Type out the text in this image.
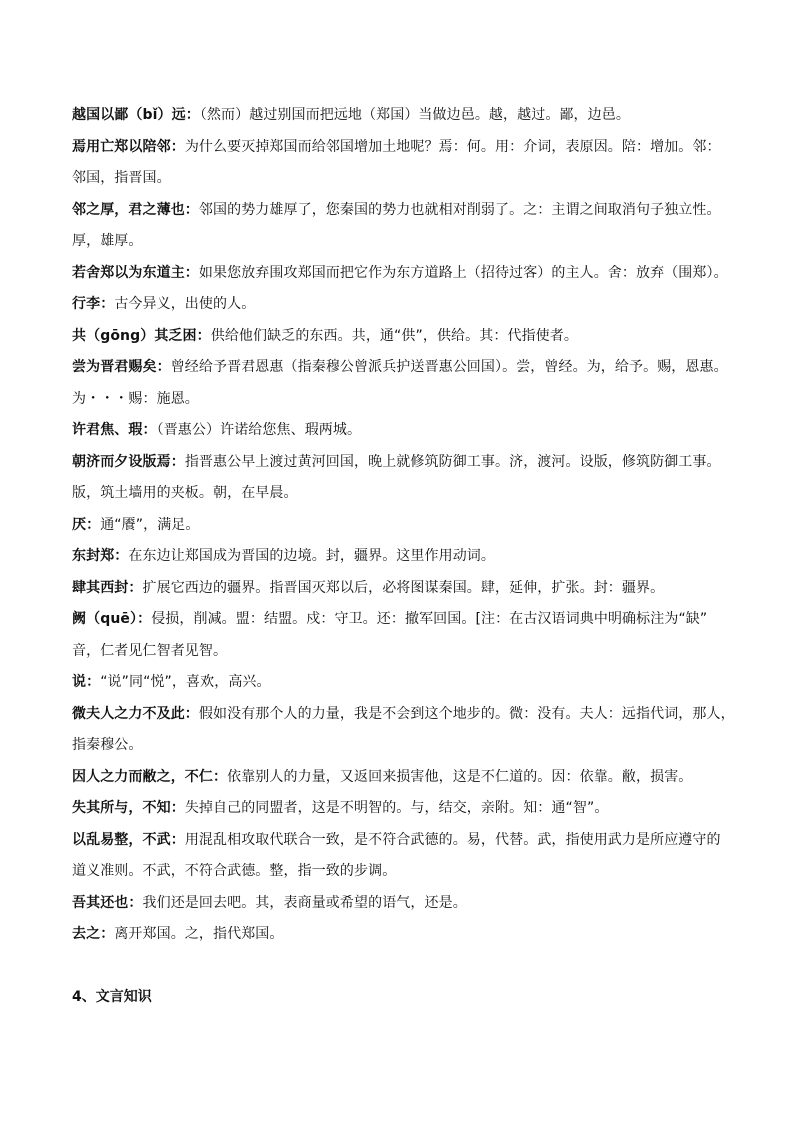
越国以鄙（bǐ）远：（然而）越过别国而把远地（郑国）当做边邑。越，越过。鄙，边邑。
焉用亡郑以陪邻：为什么要灭掉郑国而给邻国增加土地呢？焉：何。用：介词，表原因。陪：增加。邻：
邻国，指晋国。
邻之厚，君之薄也：邻国的势力雄厚了，您秦国的势力也就相对削弱了。之：主谓之间取消句子独立性。
厚，雄厚。
若舍郑以为东道主：如果您放弃围攻郑国而把它作为东方道路上（招待过客）的主人。舍：放弃（围郑）。
行李：古今异义，出使的人。
共（gōng）其乏困：供给他们缺乏的东西。共，通“供”，供给。其：代指使者。
尝为晋君赐矣：曾经给予晋君恩惠（指秦穆公曾派兵护送晋惠公回国）。尝，曾经。为，给予。赐，恩惠。
为・・・赐：施恩。
许君焦、瑕：（晋惠公）许诺给您焦、瑕两城。
朝济而夕设版焉：指晋惠公早上渡过黄河回国，晚上就修筑防御工事。济，渡河。设版，修筑防御工事。
版，筑土墙用的夹板。朝，在早晨。
厌：通“餍”，满足。
东封郑：在东边让郑国成为晋国的边境。封，疆界。这里作用动词。
肆其西封：扩展它西边的疆界。指晋国灭郑以后，必将图谋秦国。肆，延伸，扩张。封：疆界。
阙（quē）：侵损，削减。盟：结盟。戍：守卫。还：撤军回国。[注：在古汉语词典中明确标注为“缺”
音，仁者见仁智者见智。
说：“说”同“悦”，喜欢，高兴。
微夫人之力不及此：假如没有那个人的力量，我是不会到这个地步的。微：没有。夫人：远指代词，那人，
指秦穆公。
因人之力而敝之，不仁：依靠别人的力量，又返回来损害他，这是不仁道的。因：依靠。敝，损害。
失其所与，不知：失掉自己的同盟者，这是不明智的。与，结交，亲附。知：通“智”。
以乱易整，不武：用混乱相攻取代联合一致，是不符合武德的。易，代替。武，指使用武力是所应遵守的
道义准则。不武，不符合武德。整，指一致的步调。
吾其还也：我们还是回去吧。其，表商量或希望的语气，还是。
去之：离开郑国。之，指代郑国。
4、文言知识
